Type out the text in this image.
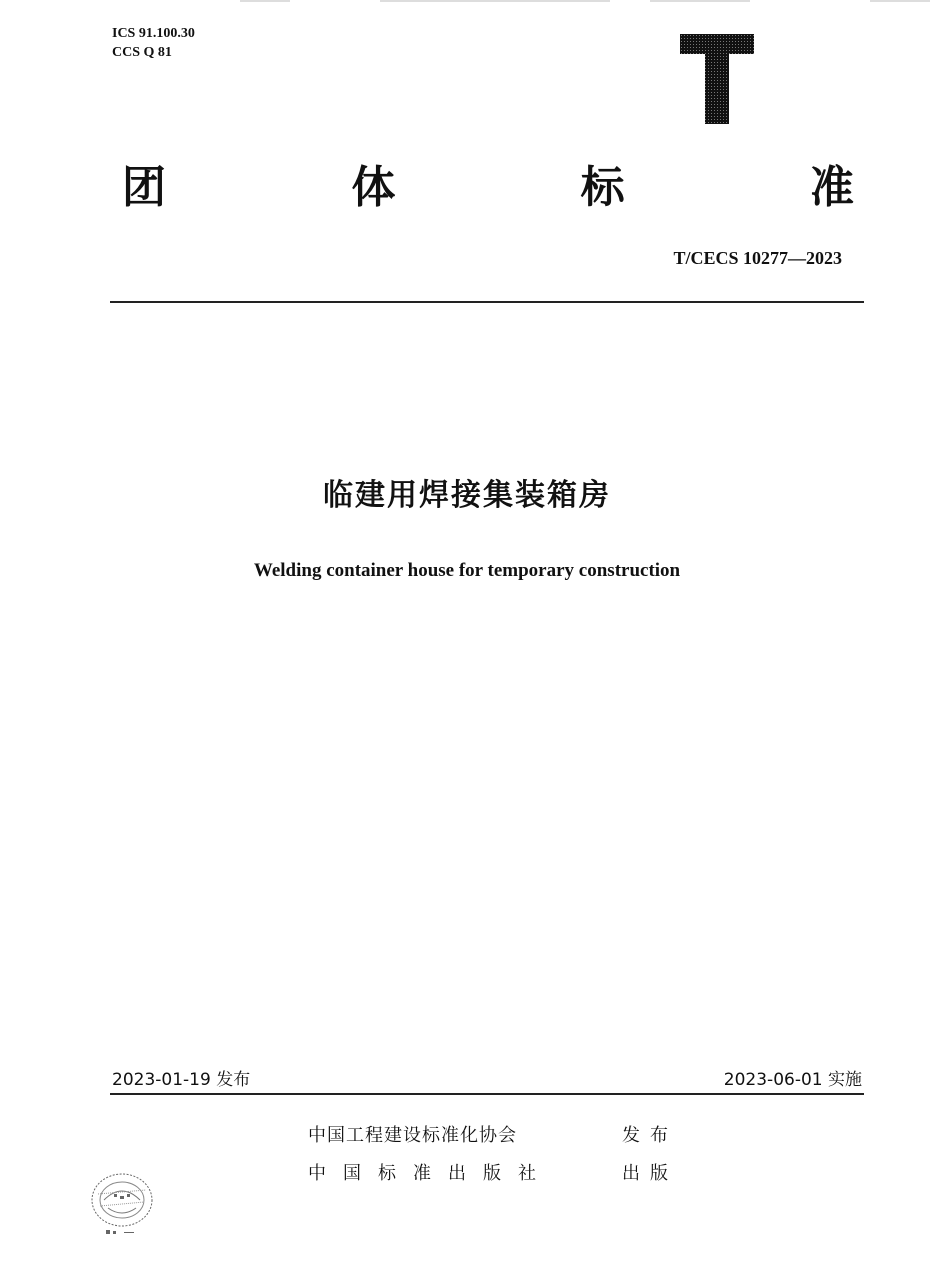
ICS 91.100.30
CCS Q 81
团	体	标	准
T/CECS 10277—2023
临建用焊接集装箱房
Welding container house for temporary construction
2023-01-19 发布	2023-06-01 实施
中国工程建设标准化协会	发布
中国标准出版社	出版
